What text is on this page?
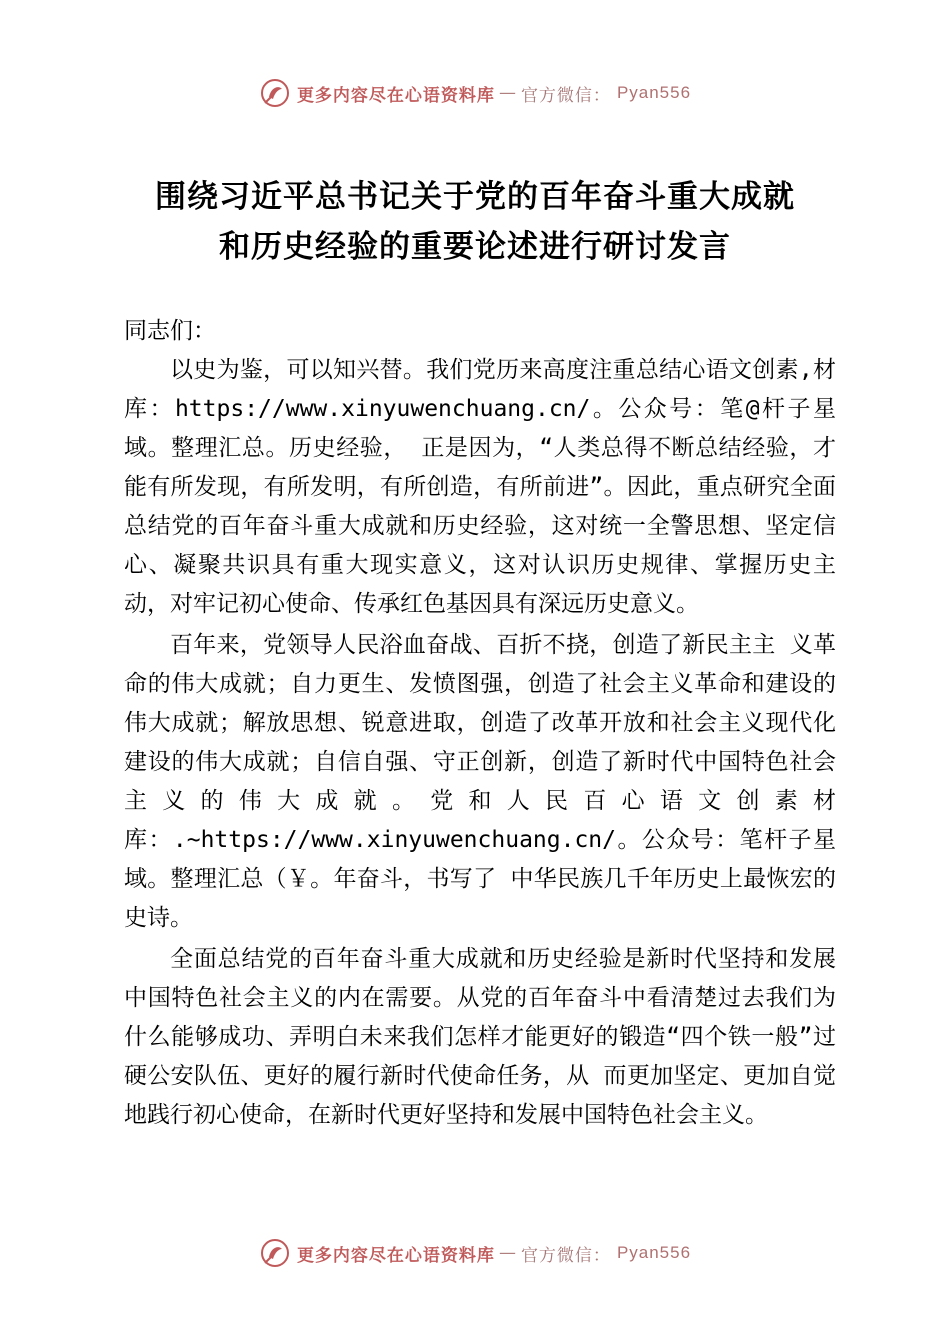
更多内容尽在心语资料库 — 官方微信： Pyan556
围绕习近平总书记关于党的百年奋斗重大成就
和历史经验的重要论述进行研讨发言

同志们：

以史为鉴，可以知兴替。我们党历来高度注重总结心语文创素,材库：https://www.xinyuwenchuang.cn/。公众号：笔@杆子星域。整理汇总。历史经验， 正是因为，“人类总得不断总结经验，才能有所发现，有所发明，有所创造，有所前进”。因此，重点研究全面总结党的百年奋斗重大成就和历史经验，这对统一全警思想、坚定信心、凝聚共识具有重大现实意义，这对认识历史规律、掌握历史主动，对牢记初心使命、传承红色基因具有深远历史意义。

百年来，党领导人民浴血奋战、百折不挠，创造了新民主主 义革命的伟大成就；自力更生、发愤图强，创造了社会主义革命和建设的伟大成就；解放思想、锐意进取，创造了改革开放和社会主义现代化建设的伟大成就；自信自强、守正创新，创造了新时代中国特色社会主义的伟大成就。党和人民百心语文创素材库：.~https://www.xinyuwenchuang.cn/。公众号：笔杆子星域。整理汇总（￥。年奋斗，书写了 中华民族几千年历史上最恢宏的史诗。

全面总结党的百年奋斗重大成就和历史经验是新时代坚持和发展中国特色社会主义的内在需要。从党的百年奋斗中看清楚过去我们为什么能够成功、弄明白未来我们怎样才能更好的锻造“四个铁一般”过硬公安队伍、更好的履行新时代使命任务，从 而更加坚定、更加自觉地践行初心使命，在新时代更好坚持和发展中国特色社会主义。

更多内容尽在心语资料库 — 官方微信： Pyan556
